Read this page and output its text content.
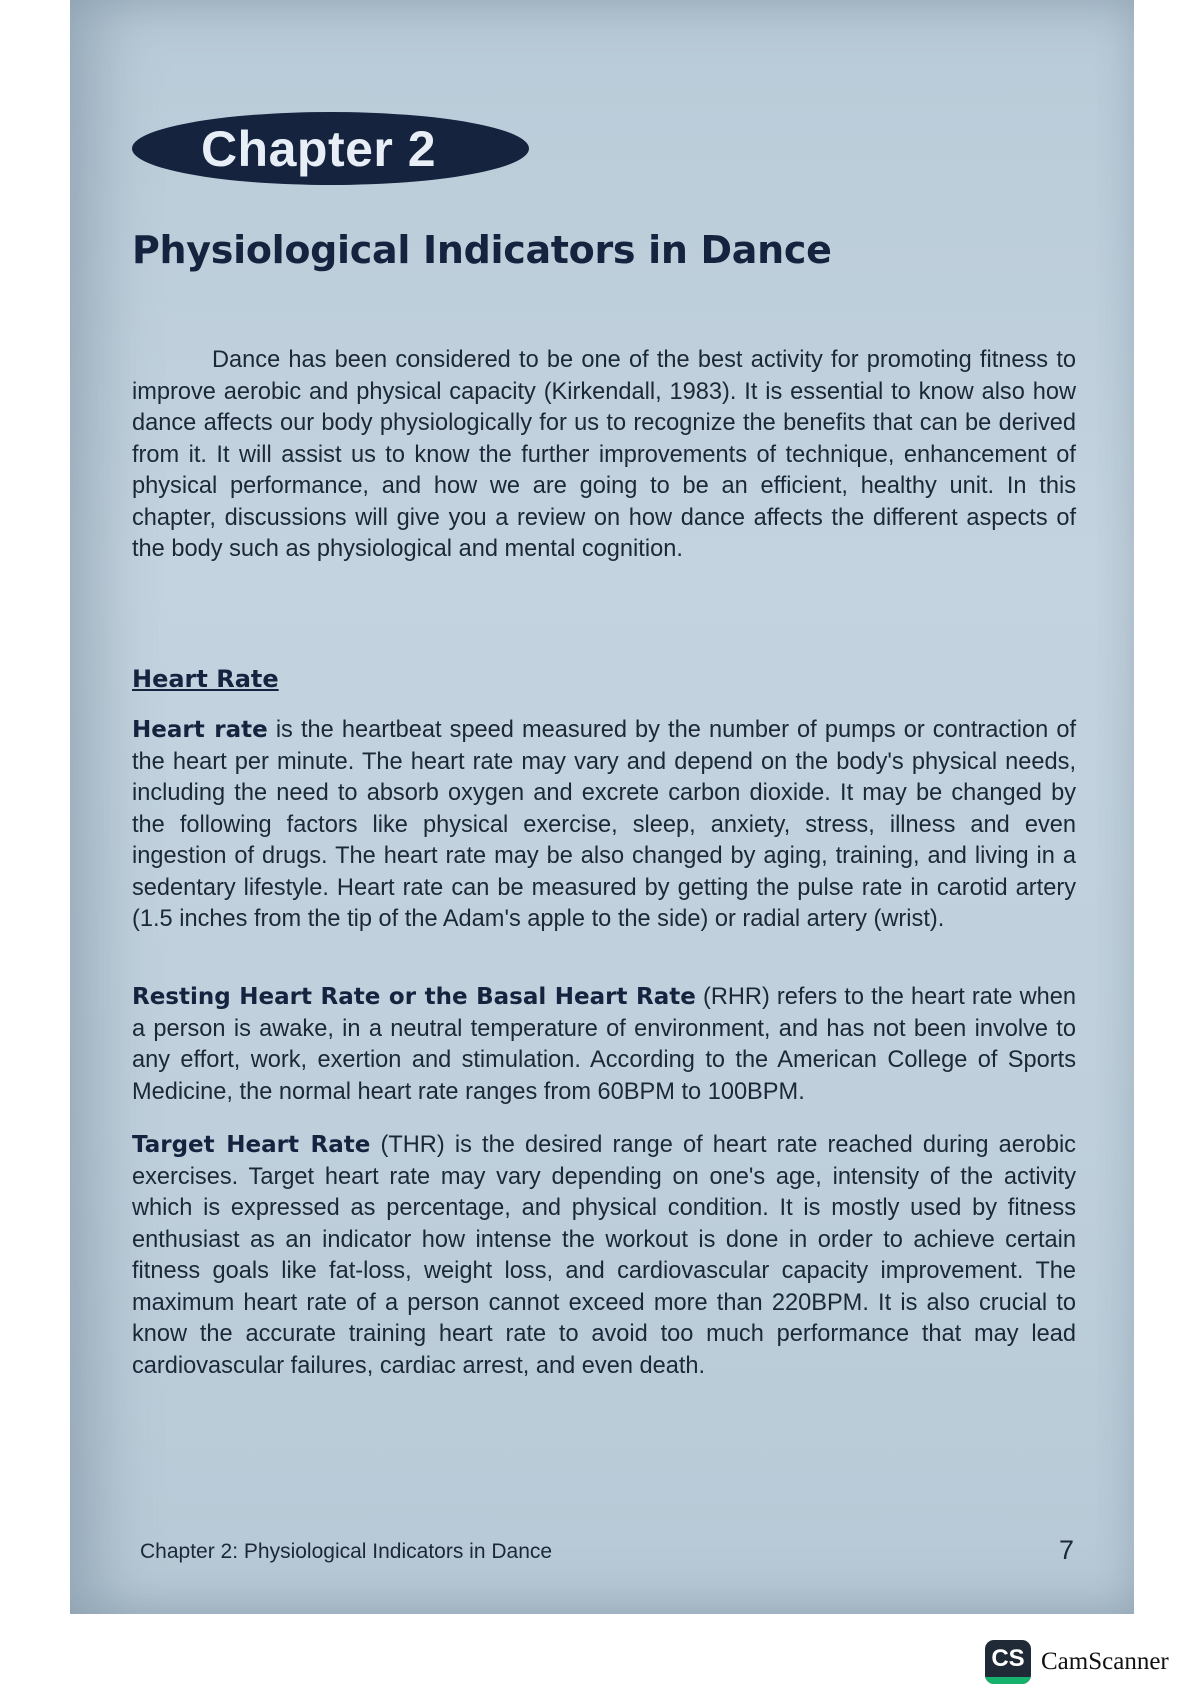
Chapter 2
Physiological Indicators in Dance

Dance has been considered to be one of the best activity for promoting fitness to improve aerobic and physical capacity (Kirkendall, 1983). It is essential to know also how dance affects our body physiologically for us to recognize the benefits that can be derived from it. It will assist us to know the further improvements of technique, enhancement of physical performance, and how we are going to be an efficient, healthy unit. In this chapter, discussions will give you a review on how dance affects the different aspects of the body such as physiological and mental cognition.

Heart Rate

Heart rate is the heartbeat speed measured by the number of pumps or contraction of the heart per minute. The heart rate may vary and depend on the body's physical needs, including the need to absorb oxygen and excrete carbon dioxide. It may be changed by the following factors like physical exercise, sleep, anxiety, stress, illness and even ingestion of drugs. The heart rate may be also changed by aging, training, and living in a sedentary lifestyle. Heart rate can be measured by getting the pulse rate in carotid artery (1.5 inches from the tip of the Adam's apple to the side) or radial artery (wrist).

Resting Heart Rate or the Basal Heart Rate (RHR) refers to the heart rate when a person is awake, in a neutral temperature of environment, and has not been involve to any effort, work, exertion and stimulation. According to the American College of Sports Medicine, the normal heart rate ranges from 60BPM to 100BPM.

Target Heart Rate (THR) is the desired range of heart rate reached during aerobic exercises. Target heart rate may vary depending on one's age, intensity of the activity which is expressed as percentage, and physical condition. It is mostly used by fitness enthusiast as an indicator how intense the workout is done in order to achieve certain fitness goals like fat-loss, weight loss, and cardiovascular capacity improvement. The maximum heart rate of a person cannot exceed more than 220BPM. It is also crucial to know the accurate training heart rate to avoid too much performance that may lead cardiovascular failures, cardiac arrest, and even death.

Chapter 2: Physiological Indicators in Dance	7
CS CamScanner
